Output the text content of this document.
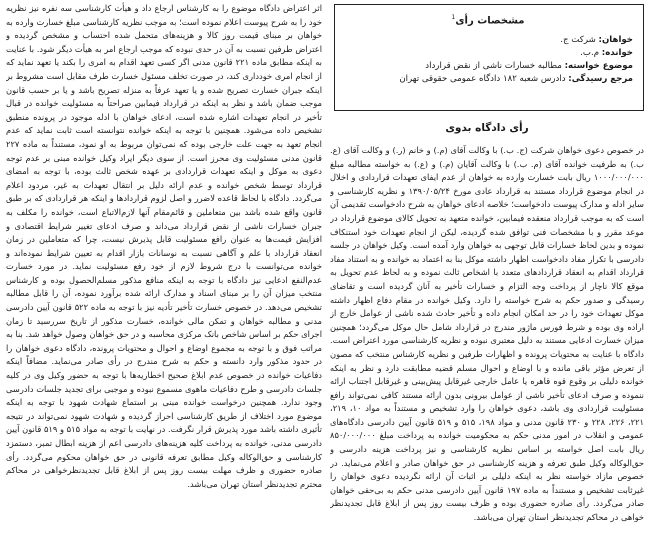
اثر اعتراض دادگاه موضوع را به کارشناس ارجاع داد و هیأت کارشناسی سه نفره نیز نظریه خود را به شرح پیوست اعلام نموده است؛ به موجب نظریه کارشناسی مبلغ خسارت وارده به خواهان بر مبنای قیمت روز کالا و هزینه‌های متحمل شده احتساب و مشخص گردیده و اعتراض طرفین نسبت به آن در حدی نبوده که موجب ارجاع امر به هیأت دیگر شود. با عنایت به اینکه مطابق ماده ۲۲۱ قانون مدنی اگر کسی تعهد اقدام به امری را بکند یا تعهد نماید که از انجام امری خودداری کند، در صورت تخلف مسئول خسارت طرف مقابل است مشروط بر اینکه جبران خسارت تصریح شده و یا تعهد عرفاً به منزله تصریح باشد و یا بر حسب قانون موجب ضمان باشد و نظر به اینکه در قرارداد فیمابین صراحتاً به مسئولیت خوانده در قبال تأخیر در انجام تعهدات اشاره شده است، ادعای خواهان با ادله موجود در پرونده منطبق تشخیص داده می‌شود. همچنین با توجه به اینکه خوانده نتوانسته است ثابت نماید که عدم انجام تعهد به جهت علت خارجی بوده که نمی‌توان مربوط به او نمود، مستنداً به ماده ۲۲۷ قانون مدنی مسئولیت وی محرز است. از سوی دیگر ایراد وکیل خوانده مبنی بر عدم توجه دعوی به موکل و اینکه تعهدات قراردادی بر عهده شخص ثالث بوده، با توجه به امضای قرارداد توسط شخص خوانده و عدم ارائه دلیل بر انتقال تعهدات به غیر، مردود اعلام می‌گردد. دادگاه با لحاظ قاعده لاضرر و اصل لزوم قراردادها و اینکه هر قراردادی که بر طبق قانون واقع شده باشد بین متعاملین و قائم‌مقام آنها لازم‌الاتباع است، خوانده را مکلف به جبران خسارات ناشی از نقض قرارداد می‌داند و صرف ادعای تغییر شرایط اقتصادی و افزایش قیمت‌ها به عنوان رافع مسئولیت قابل پذیرش نیست، چرا که متعاملین در زمان انعقاد قرارداد با علم و آگاهی نسبت به نوسانات بازار اقدام به تعیین شرایط نموده‌اند و خوانده می‌توانست با درج شروط لازم از خود رفع مسئولیت نماید. در مورد خسارت عدم‌النفع ادعایی نیز دادگاه با توجه به اینکه منافع مذکور مسلم‌الحصول بوده و کارشناس منتخب میزان آن را بر مبنای اسناد و مدارک ارائه شده برآورد نموده، آن را قابل مطالبه تشخیص می‌دهد. در خصوص خسارت تأخیر تأدیه نیز با توجه به ماده ۵۲۲ قانون آیین دادرسی مدنی و مطالبه خواهان و تمکن مالی خوانده، خسارت مذکور از تاریخ سررسید تا زمان اجرای حکم بر اساس شاخص بانک مرکزی محاسبه و در حق خواهان وصول خواهد شد. بنا به مراتب فوق و با توجه به مجموع اوضاع و احوال و محتویات پرونده، دادگاه دعوی خواهان را در حدود مذکور وارد دانسته و حکم به شرح مندرج در رأی صادر می‌نماید. مضافاً اینکه دفاعیات خوانده در خصوص عدم ابلاغ صحیح اخطاریه‌ها با توجه به حضور وکیل وی در کلیه جلسات دادرسی و طرح دفاعیات ماهوی مسموع نبوده و موجبی برای تجدید جلسات دادرسی وجود ندارد. همچنین درخواست خوانده مبنی بر استماع شهادت شهود با توجه به اینکه موضوع مورد اختلاف از طریق کارشناسی احراز گردیده و شهادت شهود نمی‌تواند در نتیجه تأثیری داشته باشد مورد پذیرش قرار نگرفت. در نهایت با توجه به مواد ۵۱۵ و ۵۱۹ قانون آیین دادرسی مدنی، خوانده به پرداخت کلیه هزینه‌های دادرسی اعم از هزینه ابطال تمبر، دستمزد کارشناسی و حق‌الوکاله وکیل مطابق تعرفه قانونی در حق خواهان محکوم می‌گردد. رأی صادره حضوری و ظرف مهلت بیست روز پس از ابلاغ قابل تجدیدنظرخواهی در محاکم محترم تجدیدنظر استان تهران می‌باشد.

مشخصات رأی$^1$
خواهان: شرکت ج.
خوانده: م.ب.
موضوع خواسته: مطالبه خسارات ناشی از نقض قرارداد
مرجع رسیدگی: دادرس شعبه ۱۸۲ دادگاه عمومی حقوقی تهران
رأی دادگاه بدوی

در خصوص دعوی خواهان شرکت (ج. ب.) با وکالت آقای (م.) و خانم (ر.) و وکالت آقای (ع. ب.) به طرفیت خوانده آقای (م. ب.) با وکالت آقایان (م.) و (ع.) به خواسته مطالبه مبلغ ۱۰۰۰/۰۰۰/۰۰۰ ریال بابت خسارت وارده به خواهان از عدم ایفای تعهدات قراردادی و اخلال در انجام موضوع قرارداد مستند به قرارداد عادی مورخ ۱۳۹۰/۰۵/۲۴ و نظریه کارشناسی و سایر ادله و مدارک پیوست دادخواست؛ خلاصه ادعای خواهان به شرح دادخواست تقدیمی آن است که به موجب قرارداد منعقده فیمابین، خوانده متعهد به تحویل کالای موضوع قرارداد در موعد مقرر و با مشخصات فنی توافق شده گردیده، لیکن از انجام تعهدات خود استنکاف نموده و بدین لحاظ خسارات قابل توجهی به خواهان وارد آمده است. وکیل خواهان در جلسه دادرسی با تکرار مفاد دادخواست اظهار داشته موکل بنا به اعتماد به خوانده و به استناد مفاد قرارداد اقدام به انعقاد قراردادهای متعدد با اشخاص ثالث نموده و به لحاظ عدم تحویل به موقع کالا ناچار از پرداخت وجه التزام و خسارات تأخیر به آنان گردیده است و تقاضای رسیدگی و صدور حکم به شرح خواسته را دارد. وکیل خوانده در مقام دفاع اظهار داشته موکل تعهدات خود را در حد امکان انجام داده و تأخیر حادث شده ناشی از عوامل خارج از اراده وی بوده و شرط فورس ماژور مندرج در قرارداد شامل حال موکل می‌گردد؛ همچنین میزان خسارت ادعایی مستند به دلیل معتبری نبوده و نظریه کارشناسی مورد اعتراض است. دادگاه با عنایت به محتویات پرونده و اظهارات طرفین و نظریه کارشناس منتخب که مصون از تعرض مؤثر باقی مانده و با اوضاع و احوال مسلم قضیه مطابقت دارد و نظر به اینکه خوانده دلیلی بر وقوع قوه قاهره یا عامل خارجی غیرقابل پیش‌بینی و غیرقابل اجتناب ارائه ننموده و صرف ادعای تأخیر ناشی از عوامل بیرونی بدون ارائه مستند کافی نمی‌تواند رافع مسئولیت قراردادی وی باشد، دعوی خواهان را وارد تشخیص و مستنداً به مواد ۱۰، ۲۱۹، ۲۲۱، ۲۲۶، ۲۲۸ و ۲۳۰ قانون مدنی و مواد ۱۹۸، ۵۱۵ و ۵۱۹ قانون آیین دادرسی دادگاه‌های عمومی و انقلاب در امور مدنی حکم به محکومیت خوانده به پرداخت مبلغ ۸۵۰/۰۰۰/۰۰۰ ریال بابت اصل خواسته بر اساس نظریه کارشناسی و نیز پرداخت هزینه دادرسی و حق‌الوکاله وکیل طبق تعرفه و هزینه کارشناسی در حق خواهان صادر و اعلام می‌نماید. در خصوص مازاد خواسته نظر به اینکه دلیلی بر اثبات آن ارائه نگردیده دعوی خواهان را غیرثابت تشخیص و مستنداً به ماده ۱۹۷ قانون آیین دادرسی مدنی حکم به بی‌حقی خواهان صادر می‌گردد. رأی صادره حضوری بوده و ظرف بیست روز پس از ابلاغ قابل تجدیدنظر خواهی در محاکم تجدیدنظر استان تهران می‌باشد.
